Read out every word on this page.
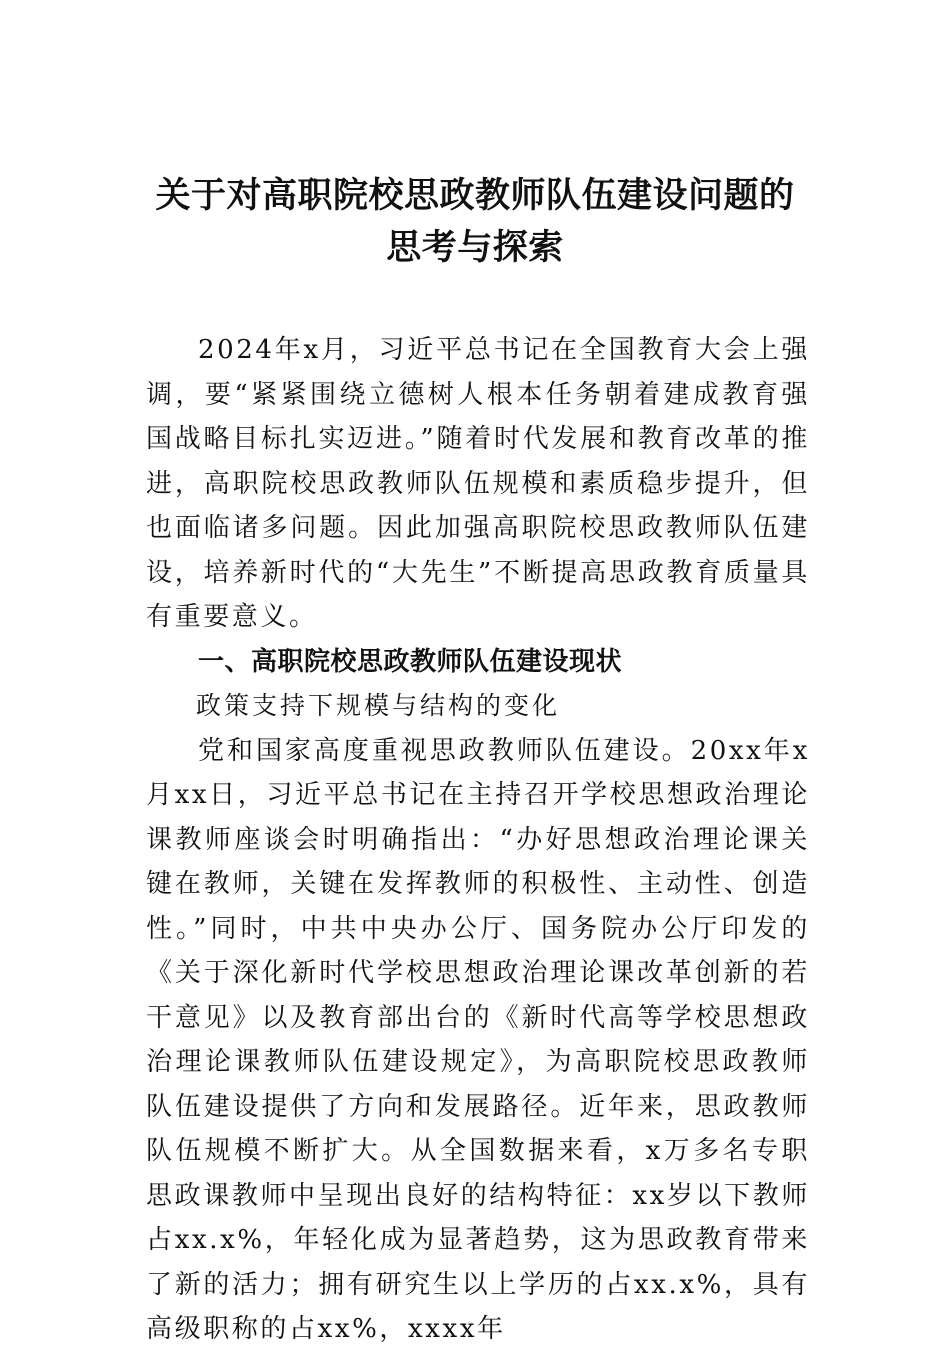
关于对高职院校思政教师队伍建设问题的
思考与探索

2024年x月，习近平总书记在全国教育大会上强调，要“紧紧围绕立德树人根本任务朝着建成教育强国战略目标扎实迈进。”随着时代发展和教育改革的推进，高职院校思政教师队伍规模和素质稳步提升，但也面临诸多问题。因此加强高职院校思政教师队伍建设，培养新时代的“大先生”不断提高思政教育质量具有重要意义。

一、高职院校思政教师队伍建设现状

政策支持下规模与结构的变化

党和国家高度重视思政教师队伍建设。20xx年x月xx日，习近平总书记在主持召开学校思想政治理论课教师座谈会时明确指出：“办好思想政治理论课关键在教师，关键在发挥教师的积极性、主动性、创造性。”同时，中共中央办公厅、国务院办公厅印发的《关于深化新时代学校思想政治理论课改革创新的若干意见》以及教育部出台的《新时代高等学校思想政治理论课教师队伍建设规定》，为高职院校思政教师队伍建设提供了方向和发展路径。近年来，思政教师队伍规模不断扩大。从全国数据来看，x万多名专职思政课教师中呈现出良好的结构特征：xx岁以下教师占xx.x%，年轻化成为显著趋势，这为思政教育带来了新的活力；拥有研究生以上学历的占xx.x%，具有高级职称的占xx%，xxxx年
